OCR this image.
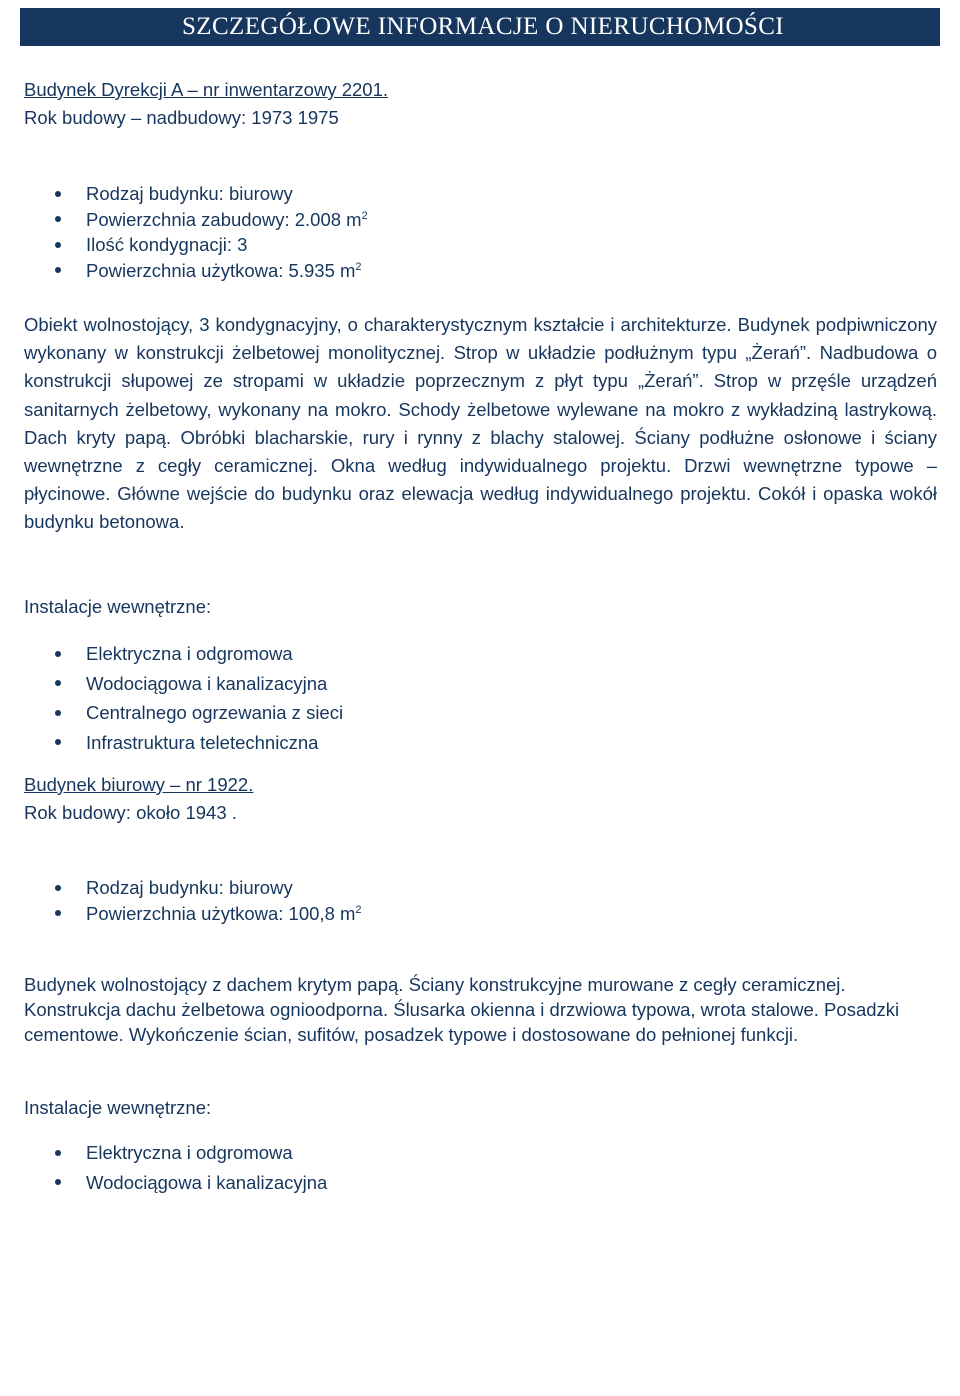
SZCZEGÓŁOWE INFORMACJE O NIERUCHOMOŚCI
Budynek Dyrekcji A – nr inwentarzowy 2201.
Rok budowy – nadbudowy: 1973 1975
Rodzaj budynku: biurowy
Powierzchnia zabudowy: 2.008 $m^2$
Ilość kondygnacji: 3
Powierzchnia użytkowa: 5.935 $m^2$

Obiekt wolnostojący, 3 kondygnacyjny, o charakterystycznym kształcie i architekturze. Budynek podpiwniczony wykonany w konstrukcji żelbetowej monolitycznej. Strop w układzie podłużnym typu „Żerań”. Nadbudowa o konstrukcji słupowej ze stropami w układzie poprzecznym z płyt typu „Żerań”. Strop w przęśle urządzeń sanitarnych żelbetowy, wykonany na mokro. Schody żelbetowe wylewane na mokro z wykładziną lastrykową. Dach kryty papą. Obróbki blacharskie, rury i rynny z blachy stalowej. Ściany podłużne osłonowe i ściany wewnętrzne z cegły ceramicznej. Okna według indywidualnego projektu. Drzwi wewnętrzne typowe – płycinowe. Główne wejście do budynku oraz elewacja według indywidualnego projektu. Cokół i opaska wokół budynku betonowa.

Instalacje wewnętrzne:
Elektryczna i odgromowa
Wodociągowa i kanalizacyjna
Centralnego ogrzewania z sieci
Infrastruktura teletechniczna
Budynek biurowy – nr 1922.
Rok budowy: około 1943 .
Rodzaj budynku: biurowy
Powierzchnia użytkowa: 100,8 $m^2$

Budynek wolnostojący z dachem krytym papą. Ściany konstrukcyjne murowane z cegły ceramicznej. Konstrukcja dachu żelbetowa ognioodporna. Ślusarka okienna i drzwiowa typowa, wrota stalowe. Posadzki cementowe. Wykończenie ścian, sufitów, posadzek typowe i dostosowane do pełnionej funkcji.

Instalacje wewnętrzne:
Elektryczna i odgromowa
Wodociągowa i kanalizacyjna
